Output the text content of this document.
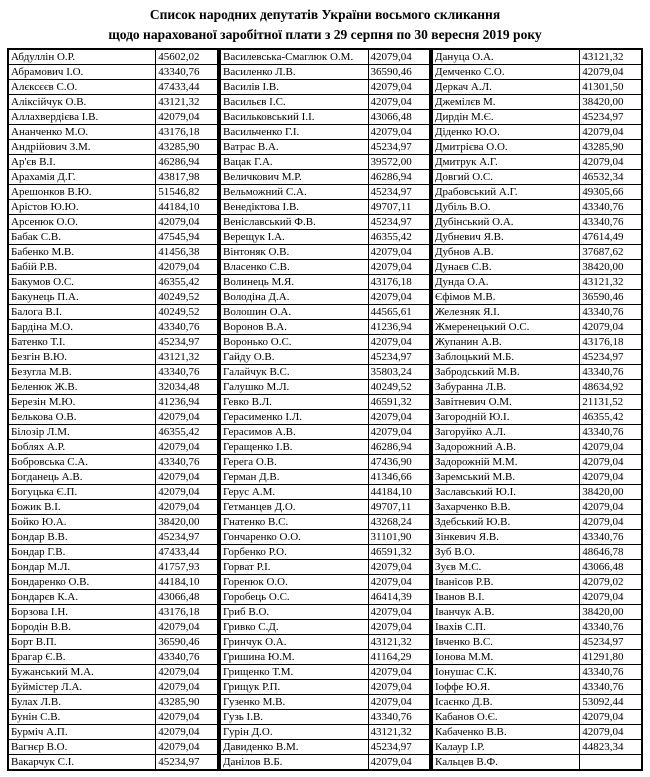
Список народних депутатів України восьмого скликання
щодо нарахованої заробітної плати з 29 серпня по 30 вересня 2019 року
Абдуллін О.Р.	45602,02
Абрамович І.О.	43340,76
Алєксєєв С.О.	47433,44
Аліксійчук О.В.	43121,32
Аллахвердієва І.В.	42079,04
Ананченко М.О.	43176,18
Андрійович З.М.	43285,90
Ар'єв В.І.	46286,94
Арахамія Д.Г.	43817,98
Арешонков В.Ю.	51546,82
Арістов Ю.Ю.	44184,10
Арсенюк О.О.	42079,04
Бабак С.В.	47545,94
Бабенко М.В.	41456,38
Бабій Р.В.	42079,04
Бакумов О.С.	46355,42
Бакунець П.А.	40249,52
Балога В.І.	40249,52
Бардіна М.О.	43340,76
Батенко Т.І.	45234,97
Безгін В.Ю.	43121,32
Безугла М.В.	43340,76
Беленюк Ж.В.	32034,48
Березін М.Ю.	41236,94
Белькова О.В.	42079,04
Білозір Л.М.	46355,42
Боблях А.Р.	42079,04
Бобровська С.А.	43340,76
Богданець А.В.	42079,04
Богуцька Є.П.	42079,04
Божик В.І.	42079,04
Бойко Ю.А.	38420,00
Бондар В.В.	45234,97
Бондар Г.В.	47433,44
Бондар М.Л.	41757,93
Бондаренко О.В.	44184,10
Бондарєв К.А.	43066,48
Борзова І.Н.	43176,18
Бородін В.В.	42079,04
Борт В.П.	36590,46
Брагар Є.В.	43340,76
Бужанський М.А.	42079,04
Буймістер Л.А.	42079,04
Булах Л.В.	43285,90
Бунін С.В.	42079,04
Бурміч А.П.	42079,04
Вагнєр В.О.	42079,04
Вакарчук С.І.	45234,97
Василевська-Смаглюк О.М.	42079,04
Василенко Л.В.	36590,46
Василів І.В.	42079,04
Васильєв І.С.	42079,04
Васильковський І.І.	43066,48
Васильченко Г.І.	42079,04
Ватрас В.А.	45234,97
Вацак Г.А.	39572,00
Величкович М.Р.	46286,94
Вельможний С.А.	45234,97
Венедіктова І.В.	49707,11
Веніславський Ф.В.	45234,97
Верещук І.А.	46355,42
Вінтоняк О.В.	42079,04
Власенко С.В.	42079,04
Волинець М.Я.	43176,18
Володіна Д.А.	42079,04
Волошин О.А.	44565,61
Воронов В.А.	41236,94
Воронько О.С.	42079,04
Гайду О.В.	45234,97
Галайчук В.С.	35803,24
Галушко М.Л.	40249,52
Гевко В.Л.	46591,32
Герасименко І.Л.	42079,04
Герасимов А.В.	42079,04
Геращенко І.В.	46286,94
Герега О.В.	47436,90
Герман Д.В.	41346,66
Герус А.М.	44184,10
Гетманцев Д.О.	49707,11
Гнатенко В.С.	43268,24
Гончаренко О.О.	31101,90
Горбенко Р.О.	46591,32
Горват Р.І.	42079,04
Горенюк О.О.	42079,04
Горобець О.С.	46414,39
Гриб В.О.	42079,04
Гривко С.Д.	42079,04
Гринчук О.А.	43121,32
Гришина Ю.М.	41164,29
Грищенко Т.М.	42079,04
Грищук Р.П.	42079,04
Гузенко М.В.	42079,04
Гузь І.В.	43340,76
Гурін Д.О.	43121,32
Давиденко В.М.	45234,97
Данілов В.Б.	42079,04
Дануца О.А.	43121,32
Демченко С.О.	42079,04
Деркач А.Л.	41301,50
Джемілєв М.	38420,00
Дирдін М.Є.	45234,97
Діденко Ю.О.	42079,04
Дмитрієва О.О.	43285,90
Дмитрук А.Г.	42079,04
Довгий О.С.	46532,34
Драбовський А.Г.	49305,66
Дубіль В.О.	43340,76
Дубінський О.А.	43340,76
Дубневич Я.В.	47614,49
Дубнов А.В.	37687,62
Дунаєв С.В.	38420,00
Дунда О.А.	43121,32
Єфімов М.В.	36590,46
Железняк Я.І.	43340,76
Жмеренецький О.С.	42079,04
Жупанин А.В.	43176,18
Заблоцький М.Б.	45234,97
Забродський М.В.	43340,76
Забуранна Л.В.	48634,92
Завітневич О.М.	21131,52
Загородній Ю.І.	46355,42
Загоруйко А.Л.	43340,76
Задорожний А.В.	42079,04
Задорожній М.М.	42079,04
Заремський М.В.	42079,04
Заславський Ю.І.	38420,00
Захарченко В.В.	42079,04
Здебський Ю.В.	42079,04
Зінкевич Я.В.	43340,76
Зуб В.О.	48646,78
Зуєв М.С.	43066,48
Іванісов Р.В.	42079,02
Іванов В.І.	42079,04
Іванчук А.В.	38420,00
Івахів С.П.	43340,76
Івченко В.С.	45234,97
Іонова М.М.	41291,80
Іонушас С.К.	43340,76
Іоффе Ю.Я.	43340,76
Ісаєнко Д.В.	53092,44
Кабанов О.Є.	42079,04
Кабаченко В.В.	42079,04
Калаур І.Р.	44823,34
Кальцев В.Ф.	
